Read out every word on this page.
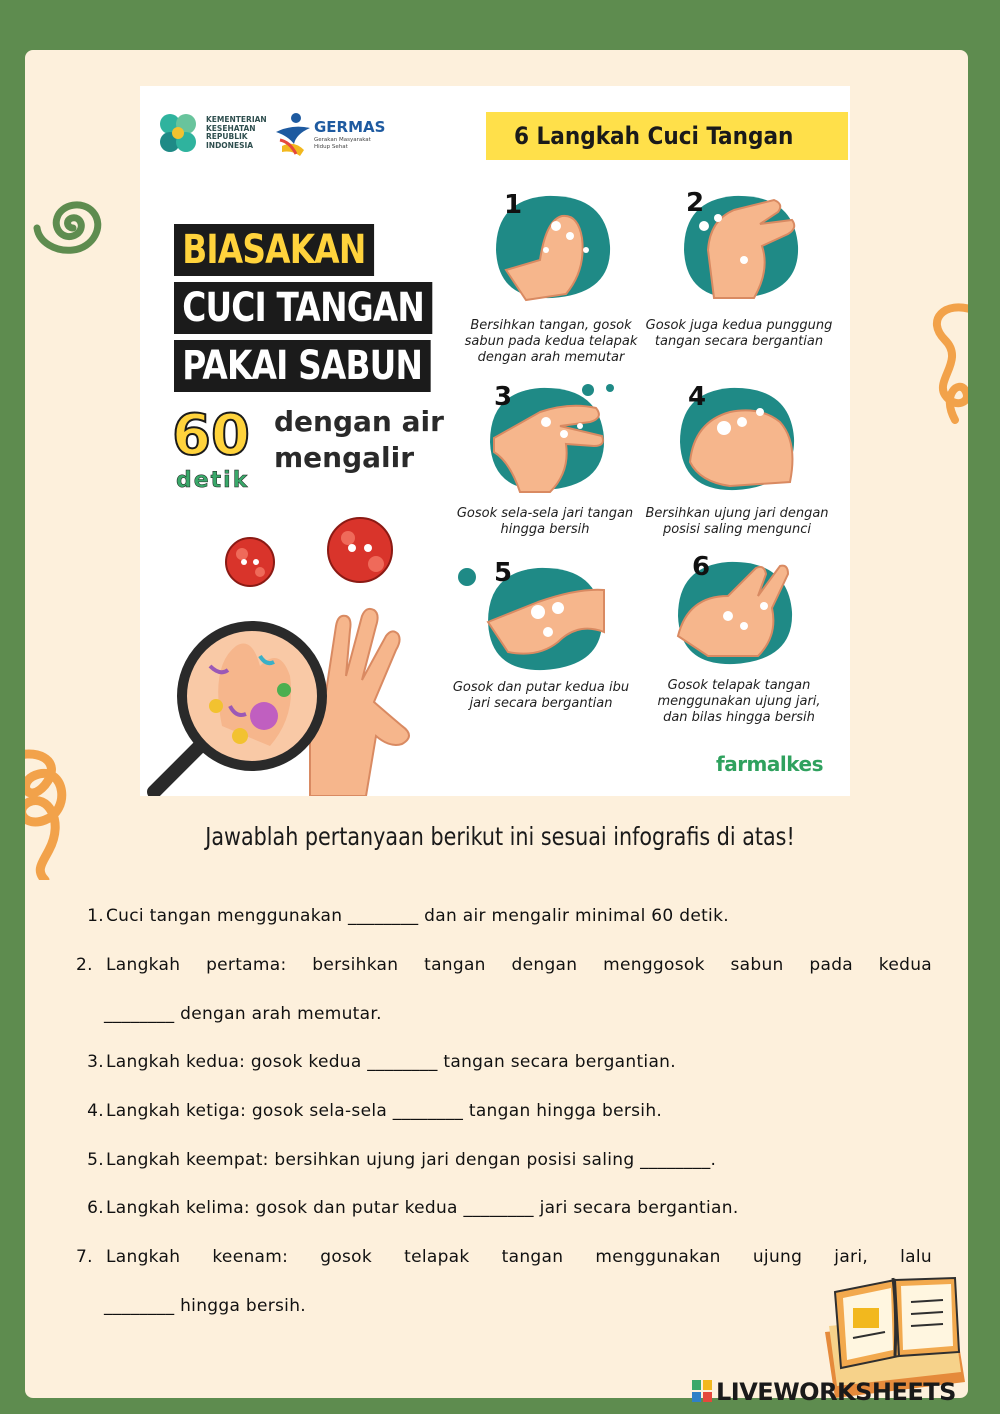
KEMENTERIAN
KESEHATAN
REPUBLIK
INDONESIA
GERMAS
Gerakan Masyarakat
Hidup Sehat	6 Langkah Cuci Tangan
BIASAKAN
CUCI TANGAN
PAKAI SABUN
60
detik
dengan air
mengalir
1
Bersihkan tangan, gosok sabun pada kedua telapak dengan arah memutar
2
Gosok juga kedua punggung tangan secara bergantian
3
Gosok sela-sela jari tangan hingga bersih
4
Bersihkan ujung jari dengan posisi saling mengunci
5
Gosok dan putar kedua ibu jari secara bergantian
6
Gosok telapak tangan menggunakan ujung jari, dan bilas hingga bersih
farmalkes
Jawablah pertanyaan berikut ini sesuai infografis di atas!
1. Cuci tangan menggunakan ________ dan air mengalir minimal 60 detik.
2. Langkah pertama: bersihkan tangan dengan menggosok sabun pada kedua
________ dengan arah memutar.
3. Langkah kedua: gosok kedua ________ tangan secara bergantian.
4. Langkah ketiga: gosok sela-sela ________ tangan hingga bersih.
5. Langkah keempat: bersihkan ujung jari dengan posisi saling ________.
6. Langkah kelima: gosok dan putar kedua ________ jari secara bergantian.
7. Langkah keenam: gosok telapak tangan menggunakan ujung jari, lalu
________ hingga bersih.
LIVEWORKSHEETS
